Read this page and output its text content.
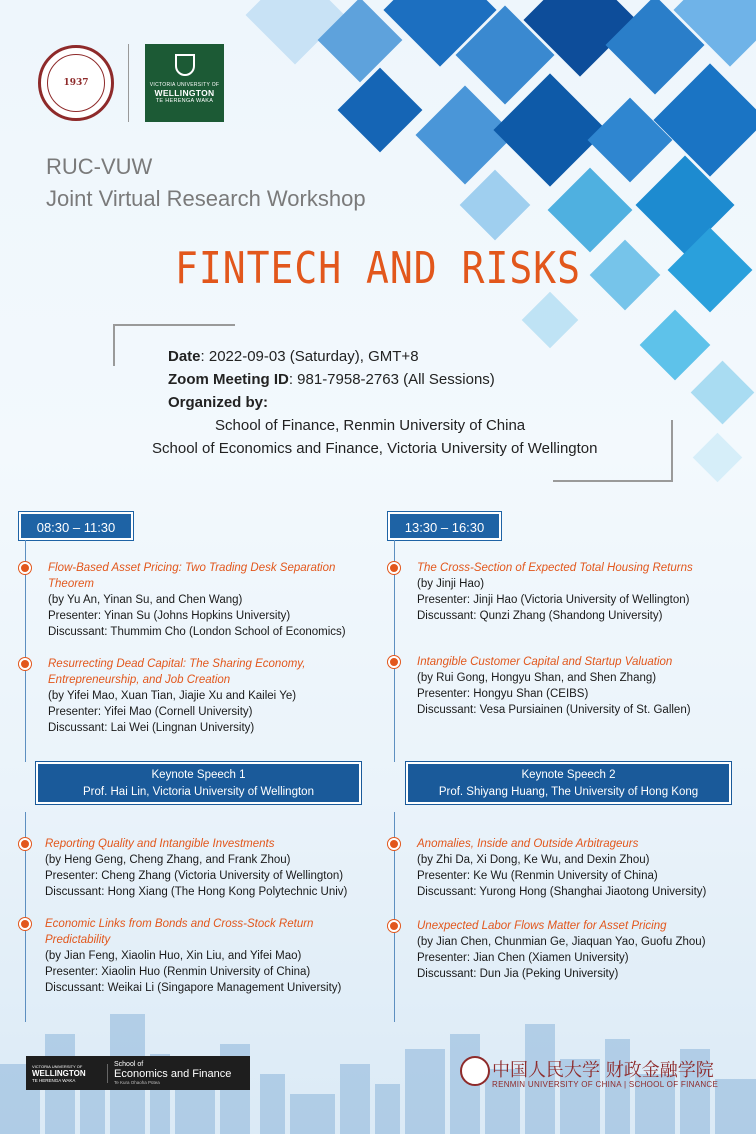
1937	VICTORIA UNIVERSITY OF
WELLINGTON
TE HERENGA WAKA
RUC-VUW
Joint Virtual Research Workshop
FINTECH AND RISKS
Date: 2022-09-03 (Saturday), GMT+8
Zoom Meeting ID: 981-7958-2763 (All Sessions)
Organized by:
School of Finance, Renmin University of China
School of Economics and Finance, Victoria University of Wellington
08:30 – 11:30
Flow-Based Asset Pricing: Two Trading Desk Separation Theorem
(by Yu An, Yinan Su, and Chen Wang)
Presenter: Yinan Su (Johns Hopkins University)
Discussant: Thummim Cho (London School of Economics)
Resurrecting Dead Capital: The Sharing Economy, Entrepreneurship, and Job Creation
(by Yifei Mao, Xuan Tian, Jiajie Xu and Kailei Ye)
Presenter: Yifei Mao (Cornell University)
Discussant: Lai Wei (Lingnan University)
Keynote Speech 1
Prof. Hai Lin, Victoria University of Wellington
Reporting Quality and Intangible Investments
(by Heng Geng, Cheng Zhang, and Frank Zhou)
Presenter: Cheng Zhang (Victoria University of Wellington)
Discussant: Hong Xiang (The Hong Kong Polytechnic Univ)
Economic Links from Bonds and Cross-Stock Return Predictability
(by Jian Feng, Xiaolin Huo, Xin Liu, and Yifei Mao)
Presenter: Xiaolin Huo (Renmin University of China)
Discussant: Weikai Li (Singapore Management University)
13:30 – 16:30
The Cross-Section of Expected Total Housing Returns
(by Jinji Hao)
Presenter: Jinji Hao (Victoria University of Wellington)
Discussant: Qunzi Zhang (Shandong University)
Intangible Customer Capital and Startup Valuation
(by Rui Gong, Hongyu Shan, and Shen Zhang)
Presenter: Hongyu Shan (CEIBS)
Discussant: Vesa Pursiainen (University of St. Gallen)
Keynote Speech 2
Prof. Shiyang Huang, The University of Hong Kong
Anomalies, Inside and Outside Arbitrageurs
(by Zhi Da, Xi Dong, Ke Wu, and Dexin Zhou)
Presenter: Ke Wu (Renmin University of China)
Discussant: Yurong Hong (Shanghai Jiaotong University)
Unexpected Labor Flows Matter for Asset Pricing
(by Jian Chen, Chunmian Ge, Jiaquan Yao, Guofu Zhou)
Presenter: Jian Chen (Xiamen University)
Discussant: Dun Jia (Peking University)
VICTORIA UNIVERSITY OF
WELLINGTON
TE HERENGA WAKA
School of
Economics and Finance
Te Kura Ohaoha Pūtea
中国人民大学 财政金融学院
RENMIN UNIVERSITY OF CHINA | SCHOOL OF FINANCE
